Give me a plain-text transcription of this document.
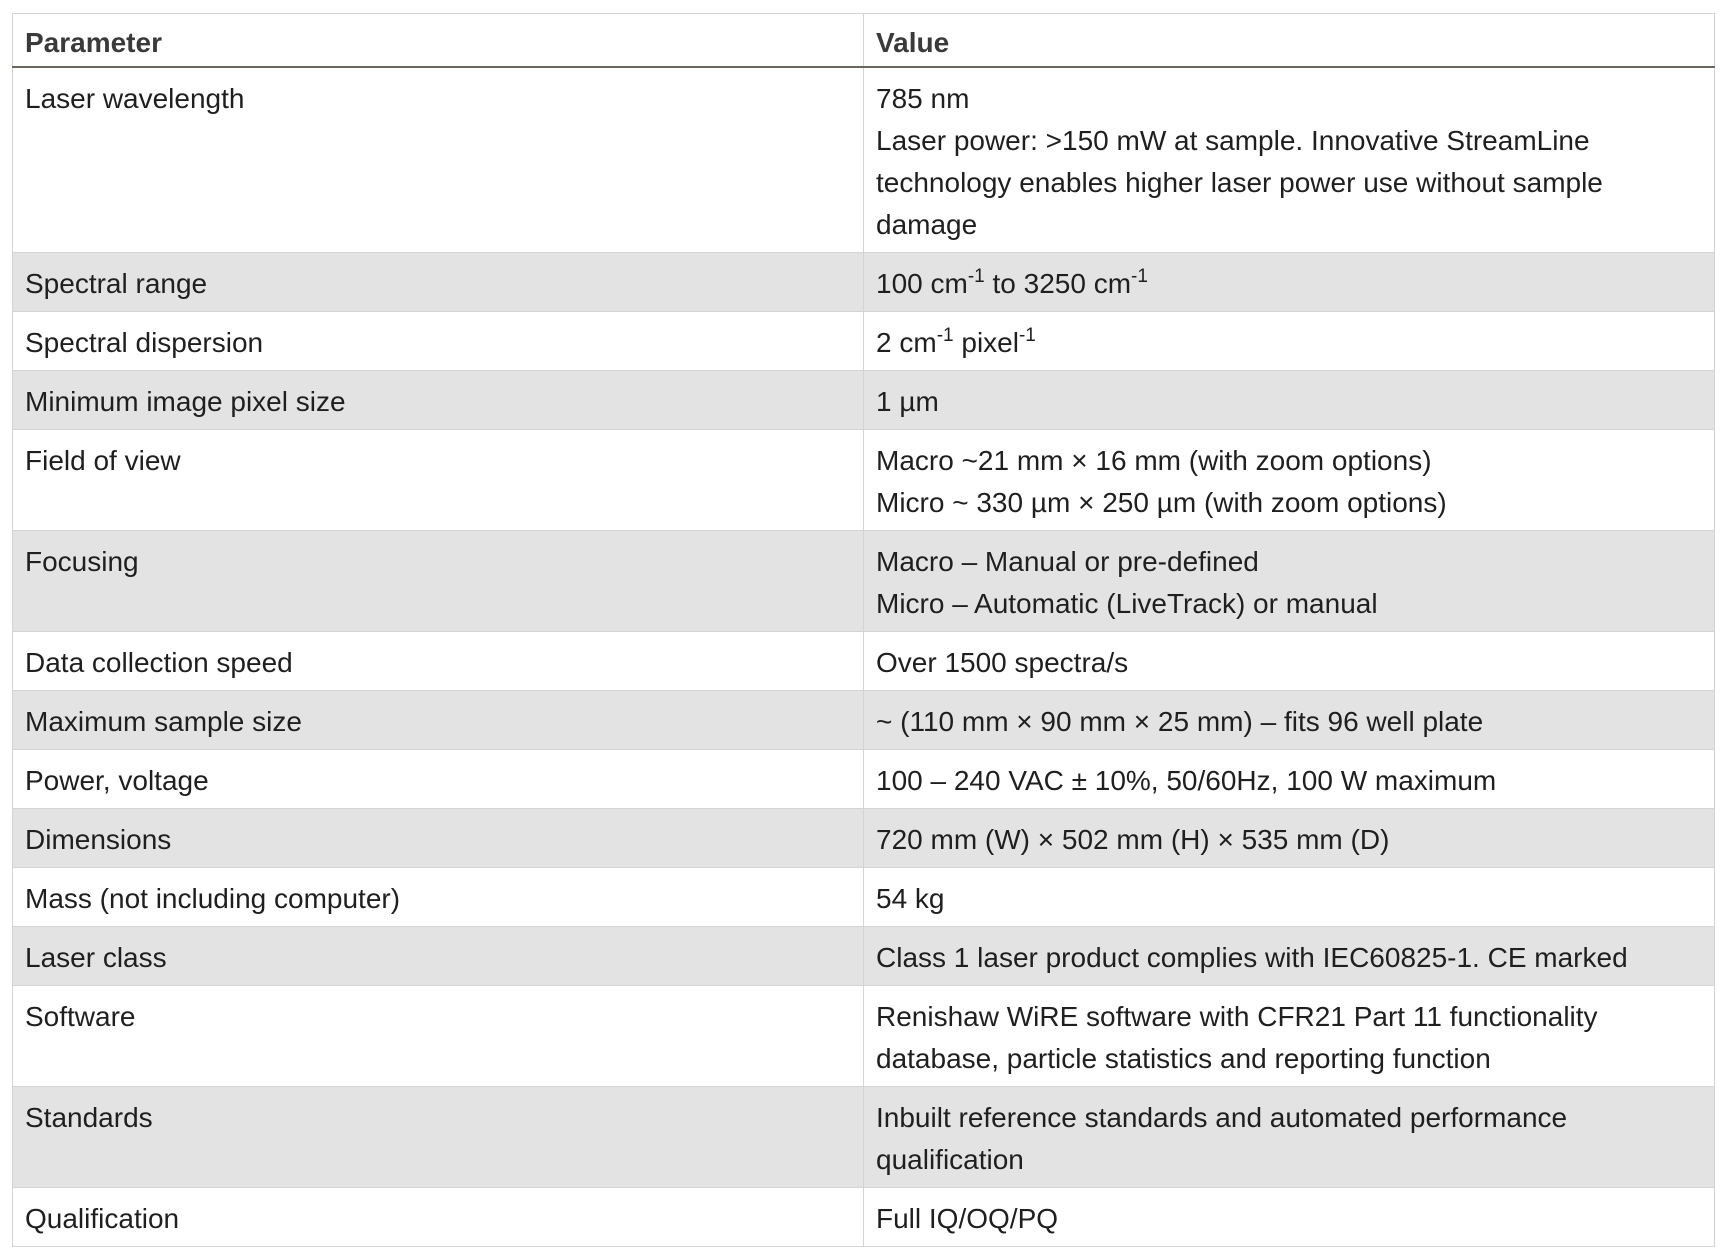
Parameter	Value
Laser wavelength	785 nm
Laser power: >150 mW at sample. Innovative StreamLine technology enables higher laser power use without sample damage

Spectral range	100 $cm^{-1}$ to 3250 $cm^{-1}$
Spectral dispersion	2 $cm^{-1}$ pixel$^{-1}$
Minimum image pixel size	1 µm
Field of view	Macro ~21 mm × 16 mm (with zoom options)
Micro ~ 330 µm × 250 µm (with zoom options)

Focusing	Macro – Manual or pre-defined
Micro – Automatic (LiveTrack) or manual

Data collection speed	Over 1500 spectra/s
Maximum sample size	~ (110 mm × 90 mm × 25 mm) – fits 96 well plate
Power, voltage	100 – 240 VAC ± 10%, 50/60Hz, 100 W maximum
Dimensions	720 mm (W) × 502 mm (H) × 535 mm (D)
Mass (not including computer)	54 kg
Laser class	Class 1 laser product complies with IEC60825-1. CE marked
Software	Renishaw WiRE software with CFR21 Part 11 functionality database, particle statistics and reporting function
Standards	Inbuilt reference standards and automated performance qualification
Qualification	Full IQ/OQ/PQ
